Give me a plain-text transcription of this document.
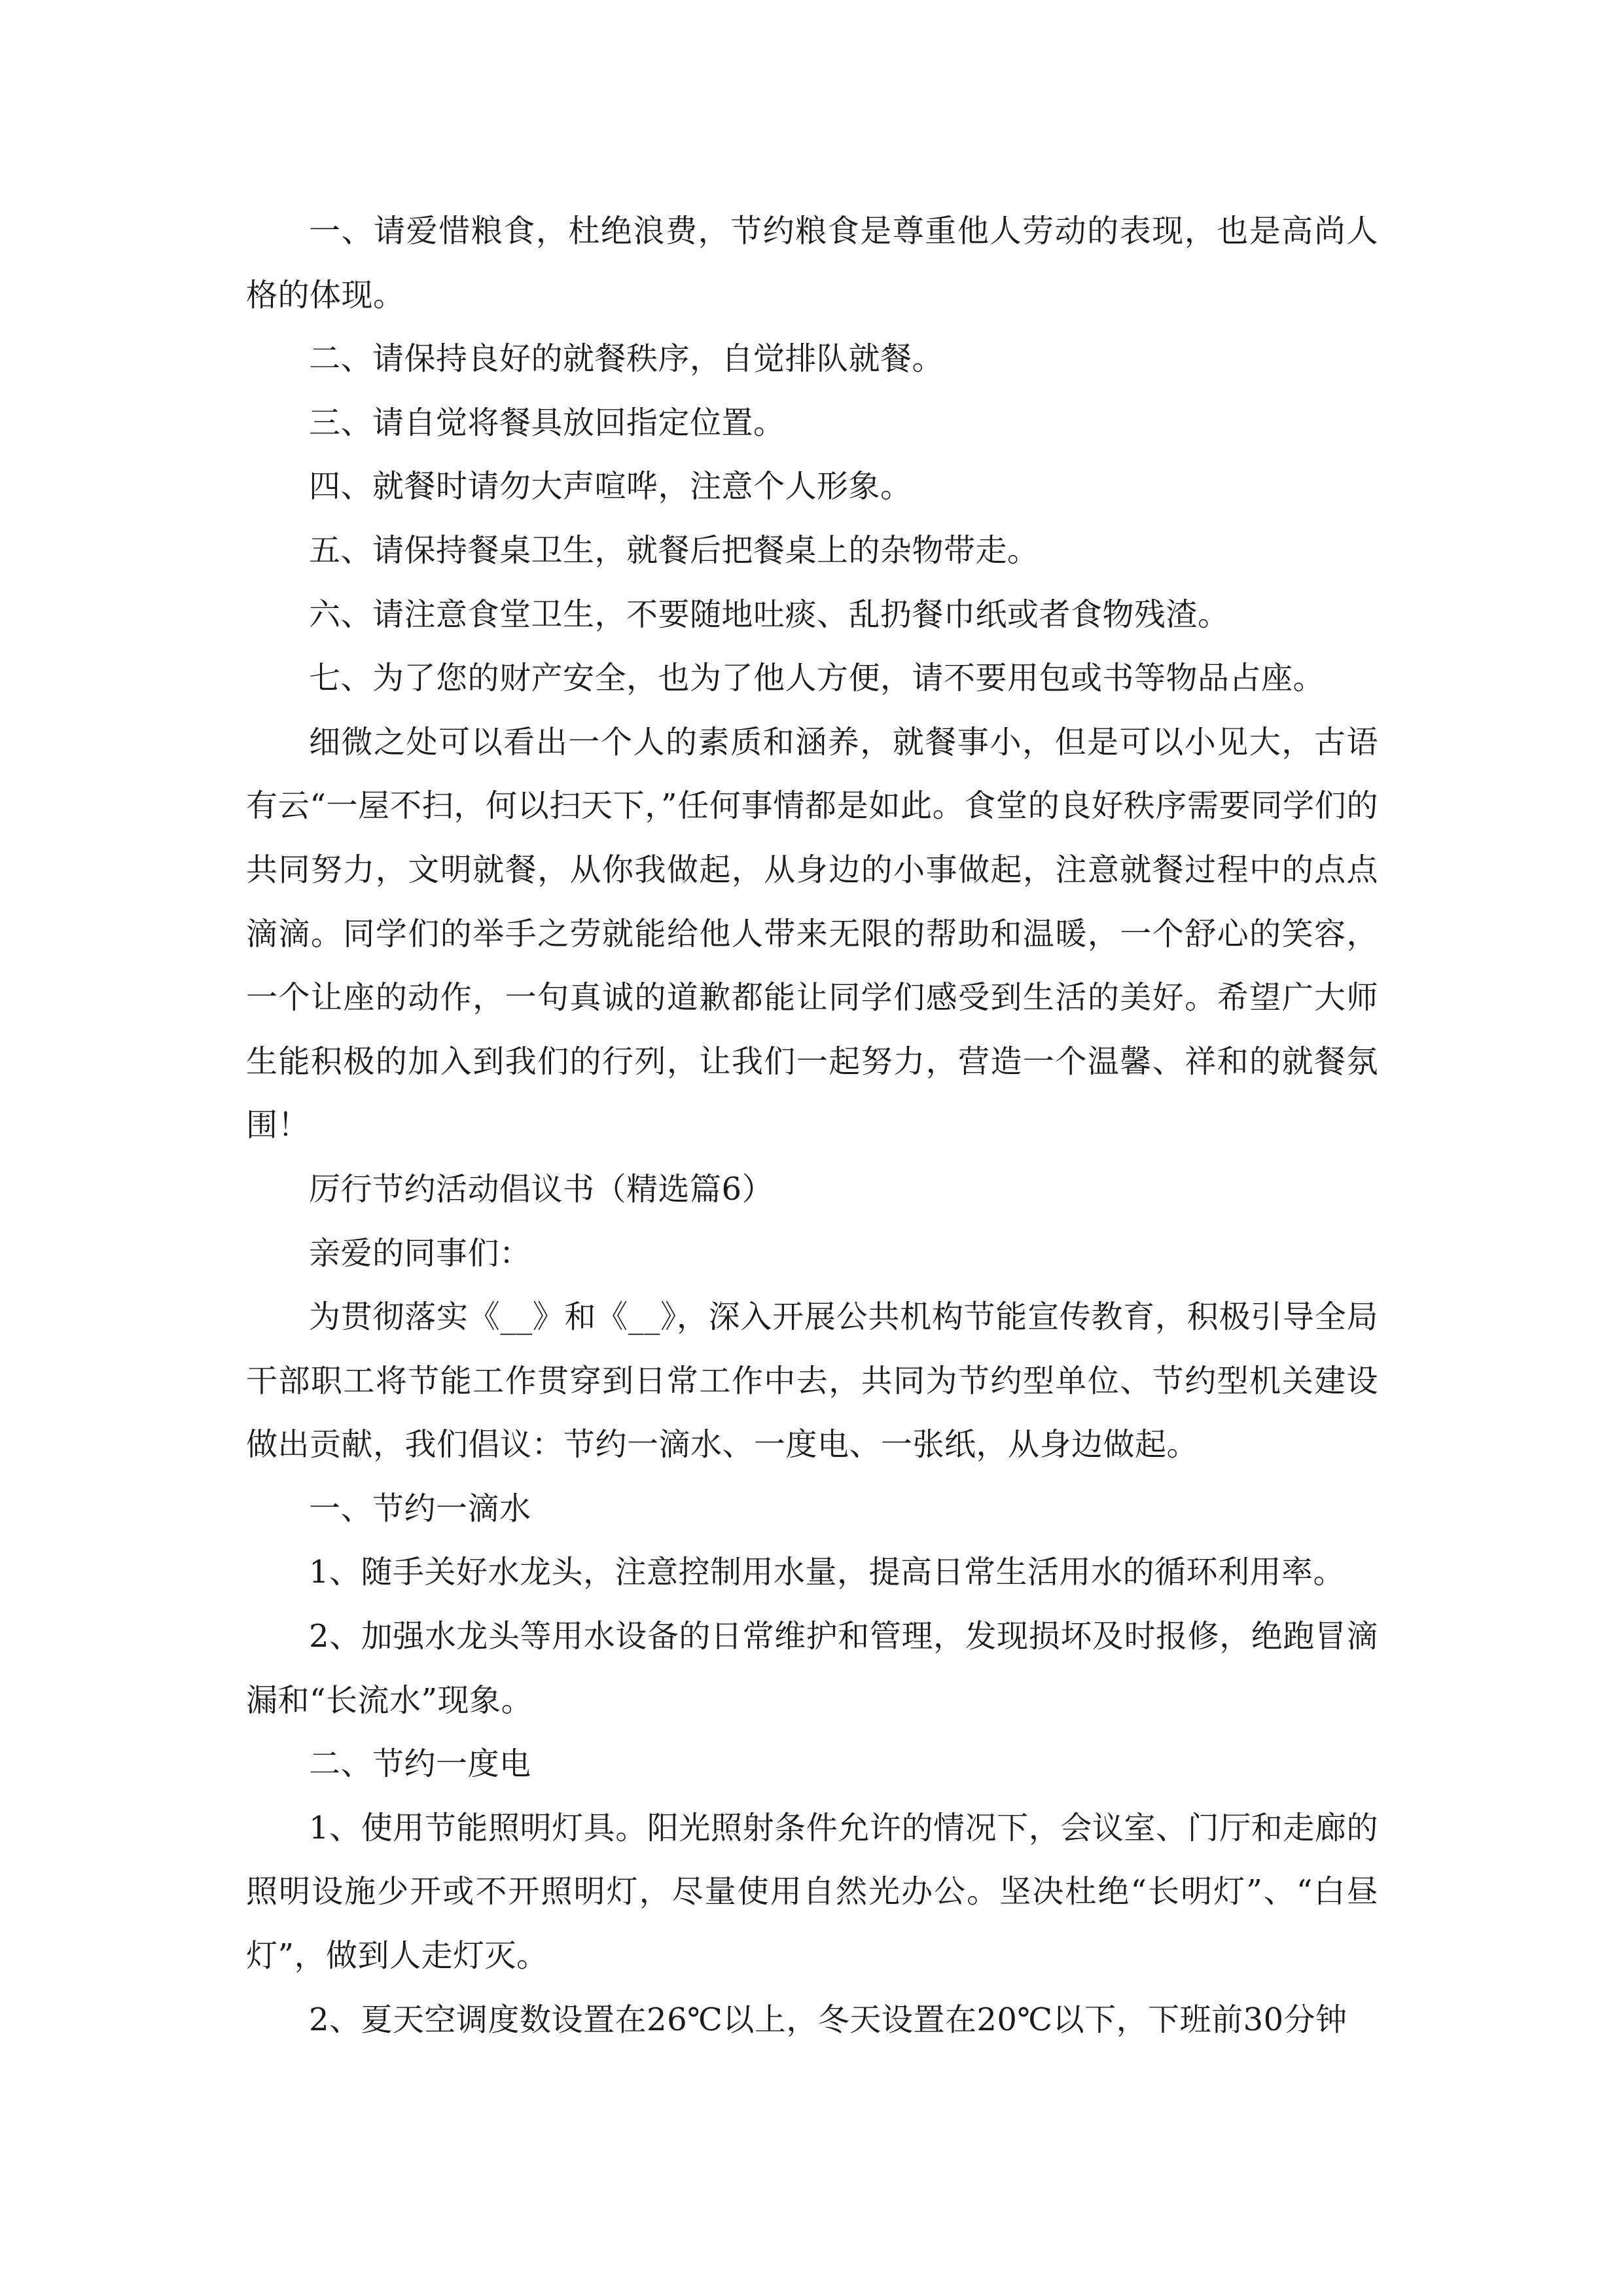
一、请爱惜粮食，杜绝浪费，节约粮食是尊重他人劳动的表现，也是高尚人格的体现。

二、请保持良好的就餐秩序，自觉排队就餐。

三、请自觉将餐具放回指定位置。

四、就餐时请勿大声喧哗，注意个人形象。

五、请保持餐桌卫生，就餐后把餐桌上的杂物带走。

六、请注意食堂卫生，不要随地吐痰、乱扔餐巾纸或者食物残渣。

七、为了您的财产安全，也为了他人方便，请不要用包或书等物品占座。

细微之处可以看出一个人的素质和涵养，就餐事小，但是可以小见大，古语有云“一屋不扫，何以扫天下，”任何事情都是如此。食堂的良好秩序需要同学们的共同努力，文明就餐，从你我做起，从身边的小事做起，注意就餐过程中的点点滴滴。同学们的举手之劳就能给他人带来无限的帮助和温暖，一个舒心的笑容，一个让座的动作，一句真诚的道歉都能让同学们感受到生活的美好。希望广大师生能积极的加入到我们的行列，让我们一起努力，营造一个温馨、祥和的就餐氛围！

厉行节约活动倡议书（精选篇6）

亲爱的同事们：

为贯彻落实《__》和《__》，深入开展公共机构节能宣传教育，积极引导全局干部职工将节能工作贯穿到日常工作中去，共同为节约型单位、节约型机关建设做出贡献，我们倡议：节约一滴水、一度电、一张纸，从身边做起。

一、节约一滴水

1、随手关好水龙头，注意控制用水量，提高日常生活用水的循环利用率。

2、加强水龙头等用水设备的日常维护和管理，发现损坏及时报修，绝跑冒滴漏和“长流水”现象。

二、节约一度电

1、使用节能照明灯具。阳光照射条件允许的情况下，会议室、门厅和走廊的照明设施少开或不开照明灯，尽量使用自然光办公。坚决杜绝“长明灯”、“白昼灯”，做到人走灯灭。

2、夏天空调度数设置在26℃以上，冬天设置在20℃以下，下班前30分钟
